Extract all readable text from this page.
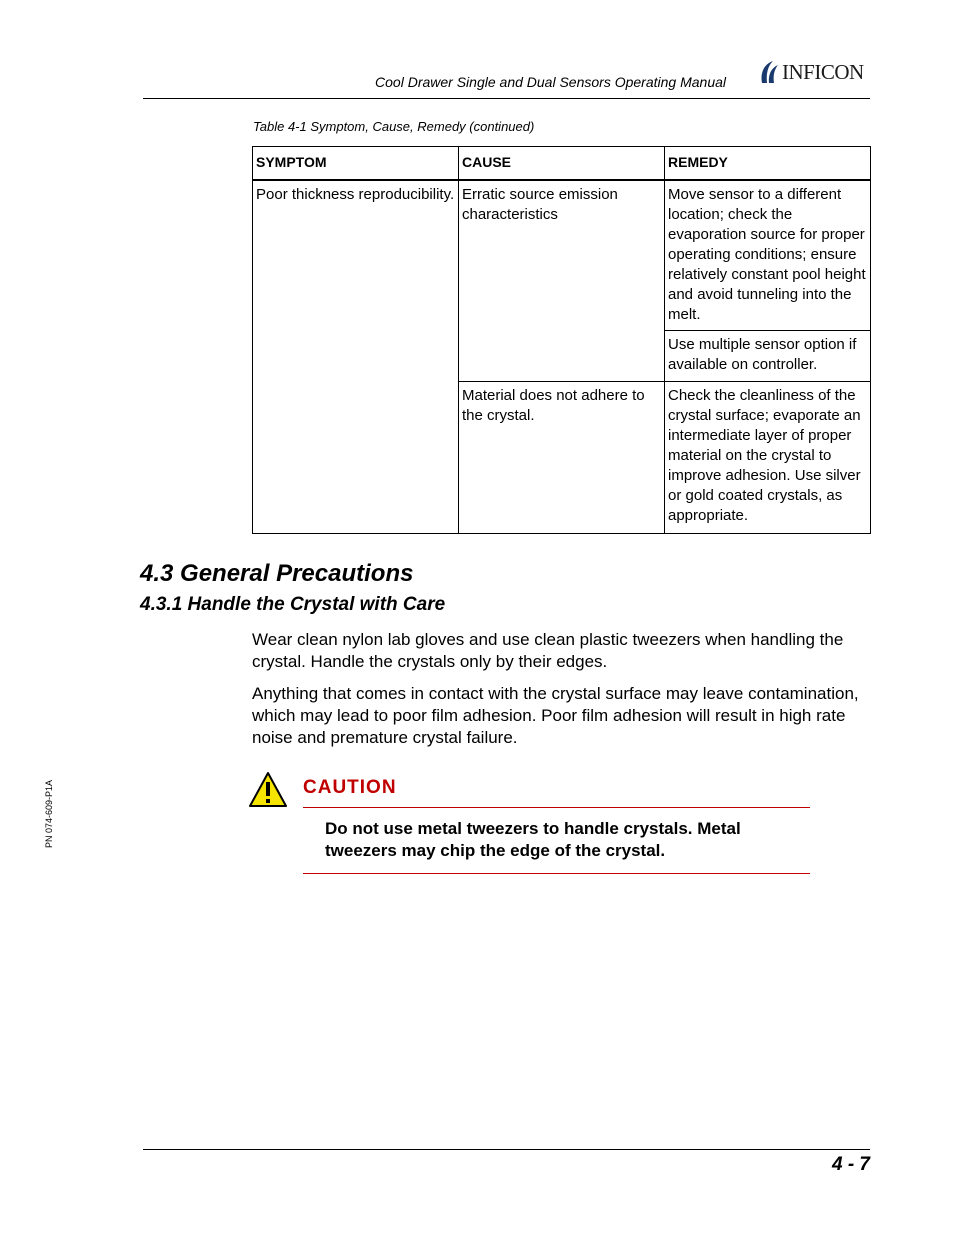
Cool Drawer Single and Dual Sensors Operating Manual	INFICON
Table 4-1 Symptom, Cause, Remedy (continued)
SYMPTOM	CAUSE	REMEDY
Poor thickness reproducibility.	Erratic source emission characteristics	Move sensor to a different location; check the evaporation source for proper operating conditions; ensure relatively constant pool height and avoid tunneling into the melt.
		Use multiple sensor option if available on controller.
	Material does not adhere to the crystal.	Check the cleanliness of the crystal surface; evaporate an intermediate layer of proper material on the crystal to improve adhesion. Use silver or gold coated crystals, as appropriate.
4.3 General Precautions
4.3.1 Handle the Crystal with Care
Wear clean nylon lab gloves and use clean plastic tweezers when handling the crystal. Handle the crystals only by their edges.
Anything that comes in contact with the crystal surface may leave contamination, which may lead to poor film adhesion. Poor film adhesion will result in high rate noise and premature crystal failure.
CAUTION
Do not use metal tweezers to handle crystals. Metal tweezers may chip the edge of the crystal.
PN 074-609-P1A
4 - 7
